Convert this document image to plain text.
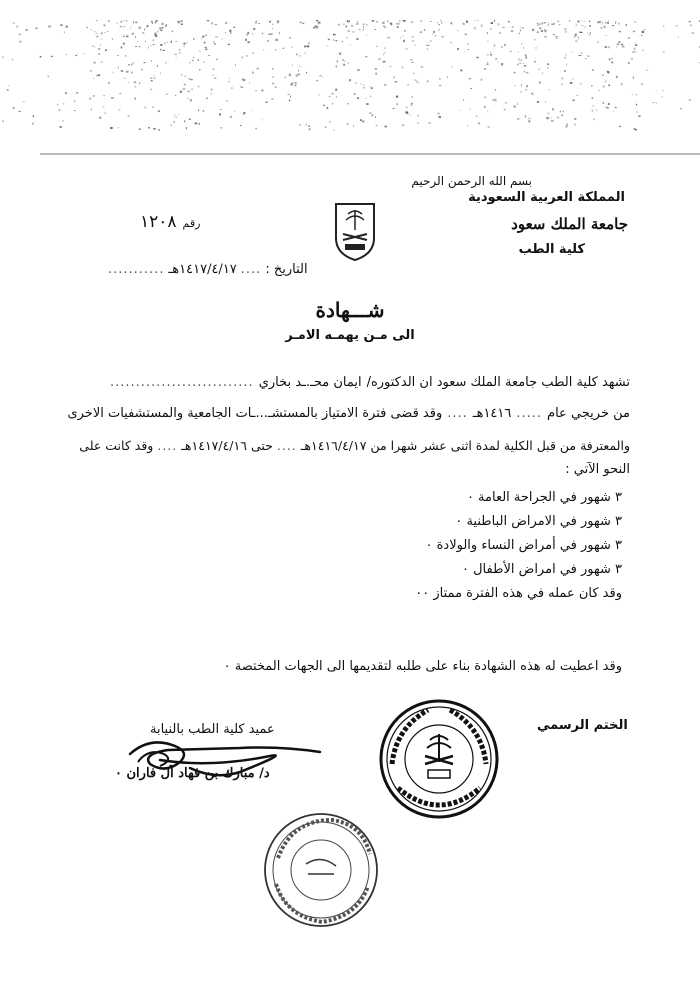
بسم الله الرحمن الرحيم
المملكة العربية السعودية
جامعة الملك سعود
كلية الطب
رقم
١٢٠٨
التاريخ :
....
١٤١٧/٤/١٧هـ
...........
شـــهادة
الى مـن يهمـه الامـر
تشهد كلية الطب جامعة الملك سعود ان الدكتوره/
ايمان محـ.ـد بخاري
............................
من خريجي عام
.....
١٤١٦هـ
....
وقد قضى فترة الامتياز بالمستشـ...ـات الجامعية والمستشفيات الاخرى
والمعترفة من قبل الكلية لمدة اثنى عشر شهرا من
١٤١٦/٤/١٧هـ
....
حتى
١٤١٧/٤/١٦هـ
....
وقد كانت على
النحو الآتي :
٣ شهور في الجراحة العامة ٠
٣ شهور في الامراض الباطنية ٠
٣ شهور في أمراض النساء والولادة ٠
٣ شهور في امراض الأطفال ٠
وقد كان عمله في هذه الفترة ممتاز ٠٠
وقد اعطيت له هذه الشهادة بناء على طلبه لتقديمها الى الجهات المختصة ٠
عميد كلية الطب بالنيابة
د/ مبارك بن فهاد آل فاران ٠
الختم الرسمي
